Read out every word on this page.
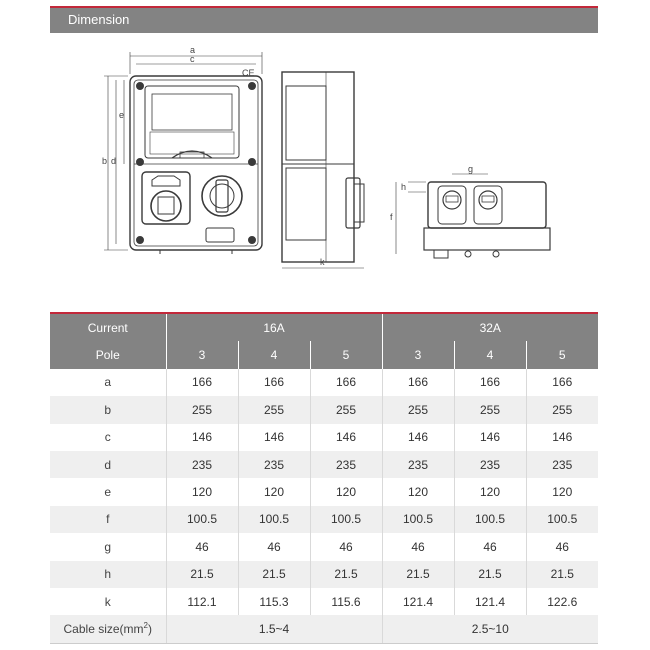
Dimension
a
c
e
b d
CE
k
g
h
f
Current	16A			32A		
Pole	3	4	5	3	4	5
a	166	166	166	166	166	166
b	255	255	255	255	255	255
c	146	146	146	146	146	146
d	235	235	235	235	235	235
e	120	120	120	120	120	120
f	100.5	100.5	100.5	100.5	100.5	100.5
g	46	46	46	46	46	46
h	21.5	21.5	21.5	21.5	21.5	21.5
k	112.1	115.3	115.6	121.4	121.4	122.6
Cable $size(mm^2)$	1.5~4			2.5~10		
